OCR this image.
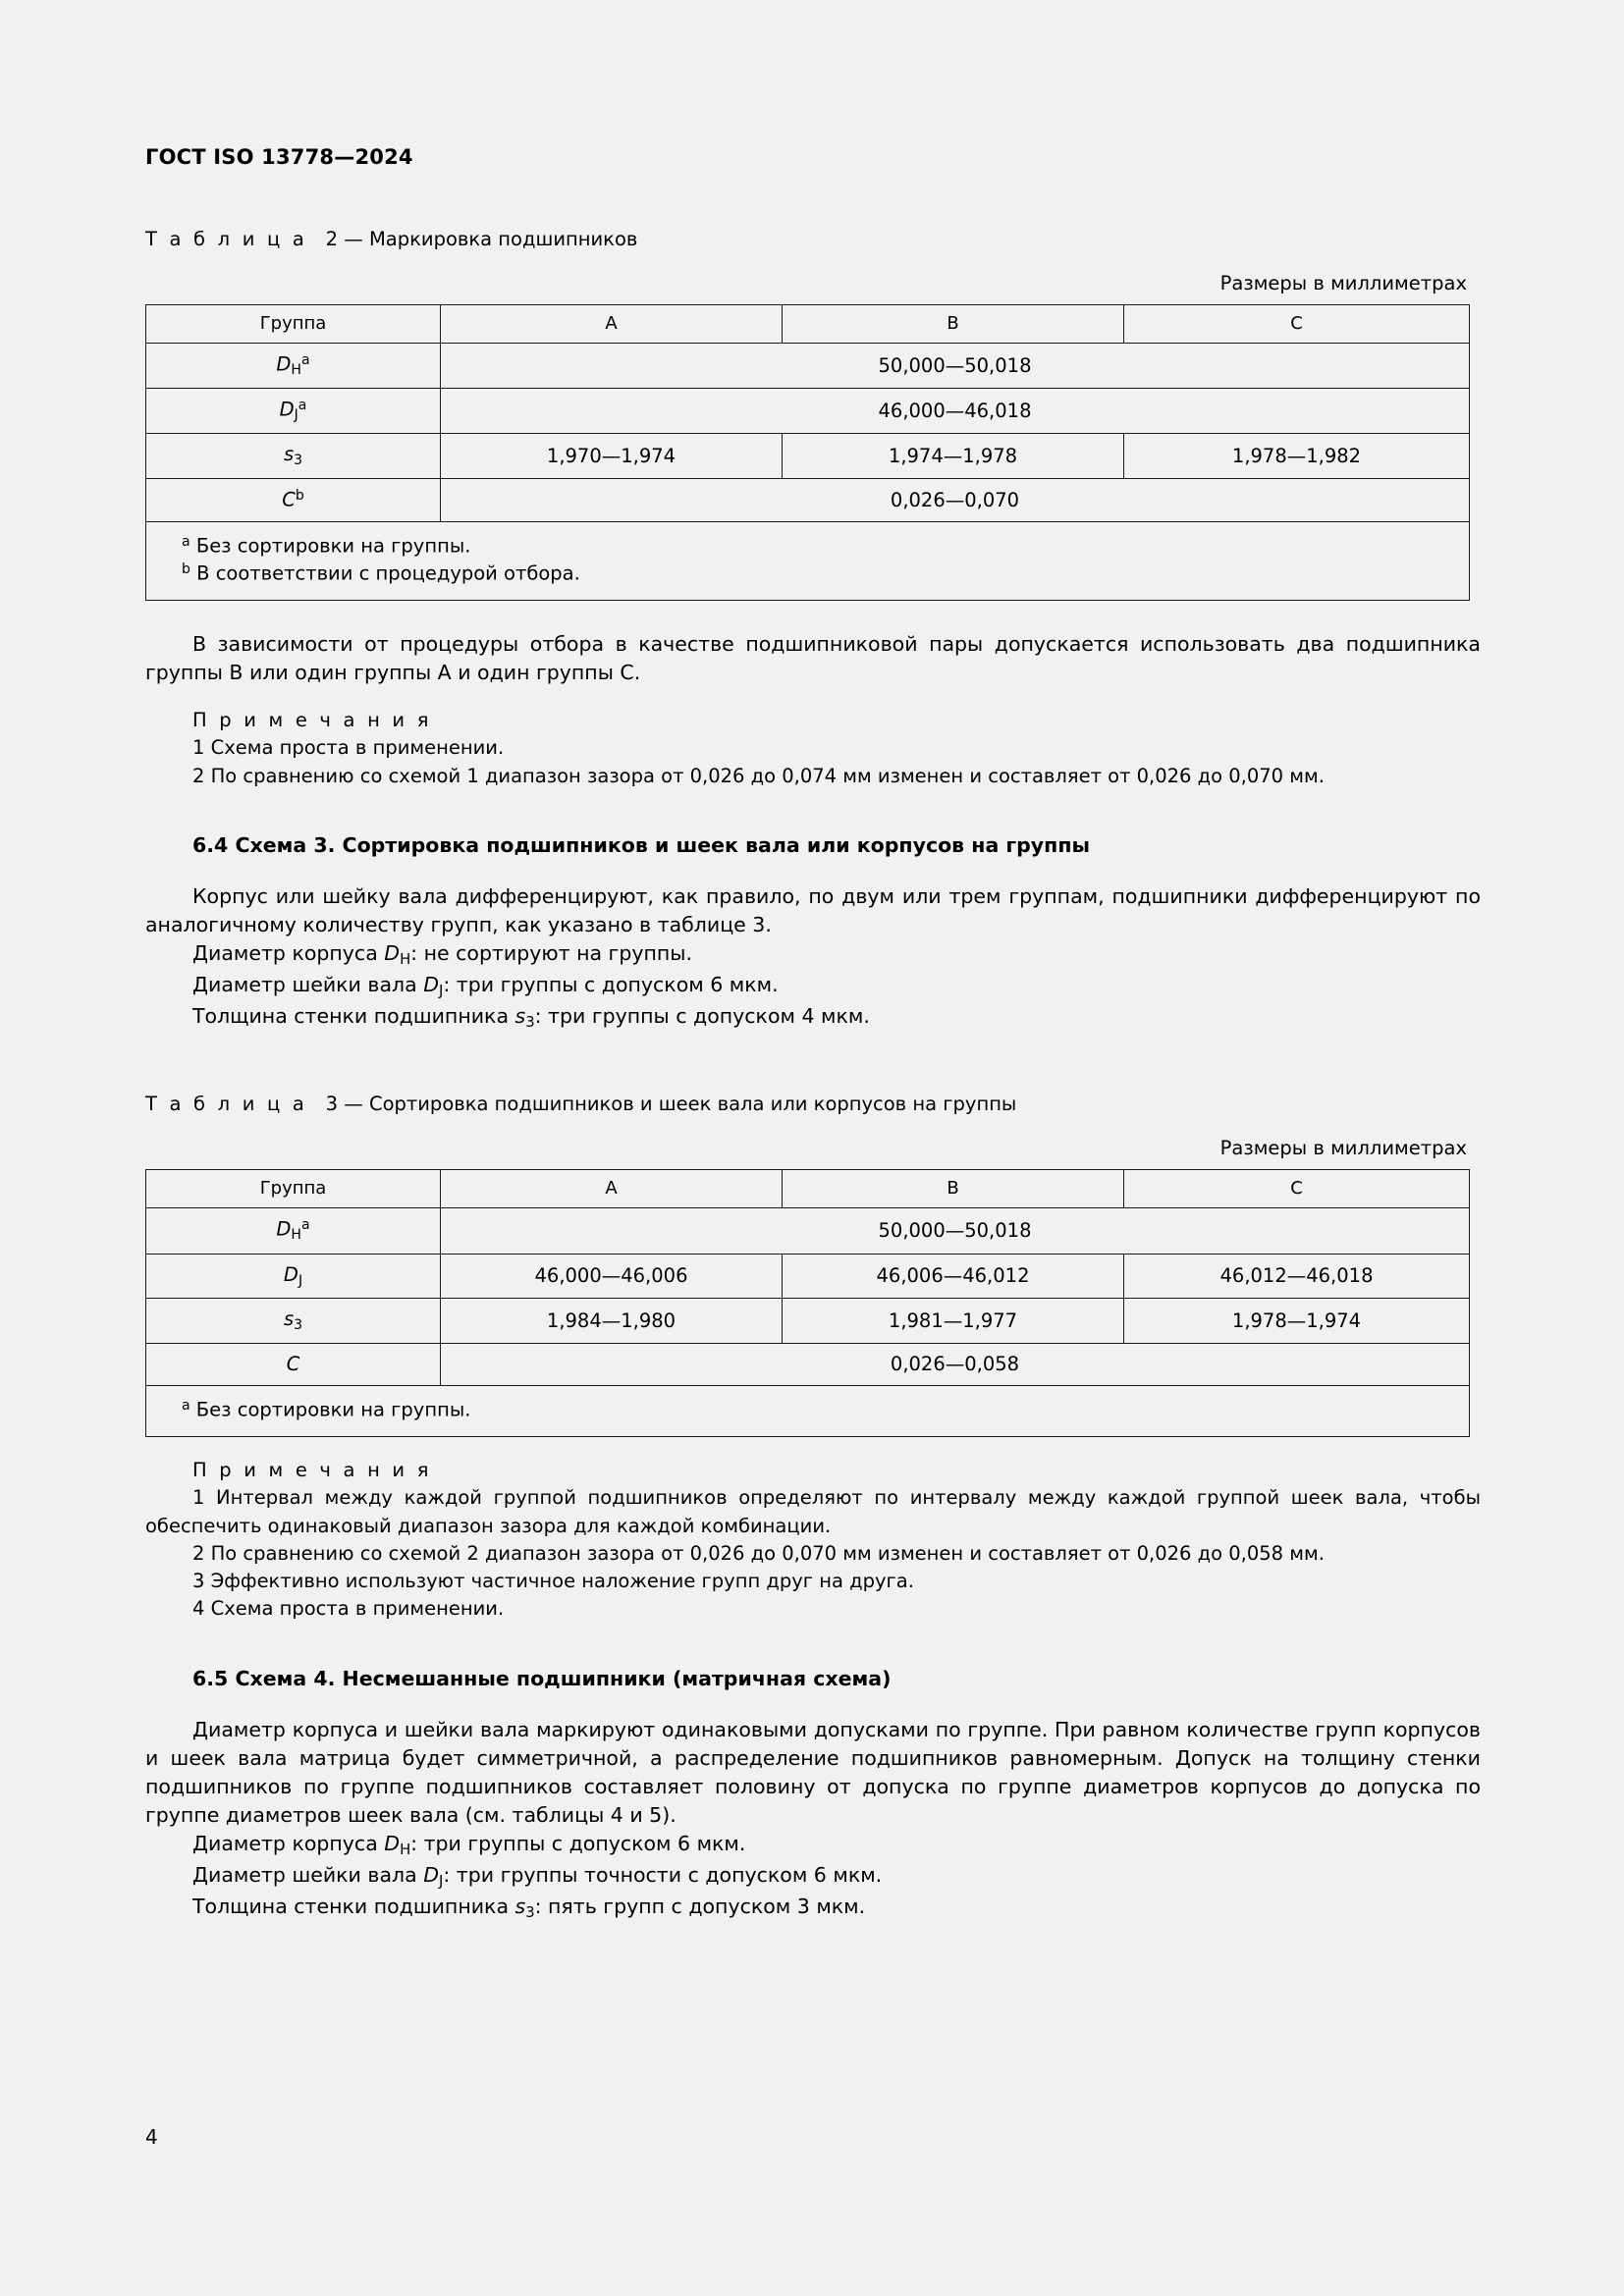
ГОСТ ISO 13778—2024
Т а б л и ц а 2 — Маркировка подшипников
Размеры в миллиметрах
Группа	A	B	C
$D_H^a$	50,000—50,018		
$D_J^a$	46,000—46,018		
$s_3$	1,970—1,974	1,974—1,978	1,978—1,982
$C^b$	0,026—0,070		

$^а$ Без сортировки на группы.
$^b$ В соответствии с процедурой отбора.			

В зависимости от процедуры отбора в качестве подшипниковой пары допускается использовать два подшипника группы B или один группы A и один группы C.

П р и м е ч а н и я
1 Схема проста в применении.
2 По сравнению со схемой 1 диапазон зазора от 0,026 до 0,074 мм изменен и составляет от 0,026 до 0,070 мм.
6.4 Схема 3. Сортировка подшипников и шеек вала или корпусов на группы

Корпус или шейку вала дифференцируют, как правило, по двум или трем группам, подшипники дифференцируют по аналогичному количеству групп, как указано в таблице 3.

Диаметр корпуса $D_H$: не сортируют на группы.

Диаметр шейки вала $D_J$: три группы с допуском 6 мкм.

Толщина стенки подшипника $s_3$: три группы с допуском 4 мкм.

Т а б л и ц а 3 — Сортировка подшипников и шеек вала или корпусов на группы
Размеры в миллиметрах
Группа	A	B	C
$D_H^a$	50,000—50,018		
$D_J$	46,000—46,006	46,006—46,012	46,012—46,018
$s_3$	1,984—1,980	1,981—1,977	1,978—1,974
C	0,026—0,058		

$^а$ Без сортировки на группы.			
П р и м е ч а н и я
1 Интервал между каждой группой подшипников определяют по интервалу между каждой группой шеек вала, чтобы обеспечить одинаковый диапазон зазора для каждой комбинации.
2 По сравнению со схемой 2 диапазон зазора от 0,026 до 0,070 мм изменен и составляет от 0,026 до 0,058 мм.
3 Эффективно используют частичное наложение групп друг на друга.
4 Схема проста в применении.
6.5 Схема 4. Несмешанные подшипники (матричная схема)

Диаметр корпуса и шейки вала маркируют одинаковыми допусками по группе. При равном количестве групп корпусов и шеек вала матрица будет симметричной, а распределение подшипников равномерным. Допуск на толщину стенки подшипников по группе подшипников составляет половину от допуска по группе диаметров корпусов до допуска по группе диаметров шеек вала (см. таблицы 4 и 5).

Диаметр корпуса $D_H$: три группы с допуском 6 мкм.

Диаметр шейки вала $D_J$: три группы точности с допуском 6 мкм.

Толщина стенки подшипника $s_3$: пять групп с допуском 3 мкм.

4
